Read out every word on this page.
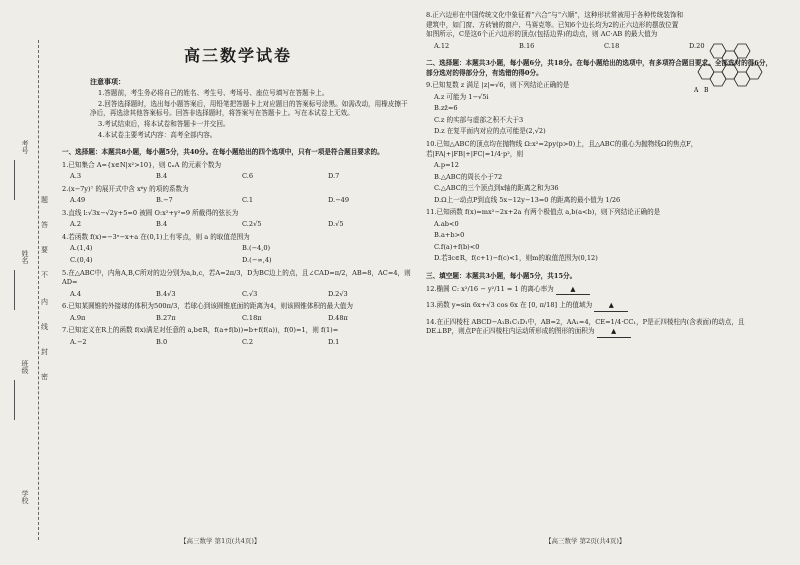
考号
姓名
班级
学校
题
答
要
不
内
线
封
密
高三数学试卷
注意事项：

1.答题前，考生务必将自己的姓名、考生号、考场号、座位号填写在答题卡上。

2.回答选择题时，选出每小题答案后，用铅笔把答题卡上对应题目的答案标号涂黑。如需改动，用橡皮擦干净后，再选涂其他答案标号。回答非选择题时，将答案写在答题卡上。写在本试卷上无效。

3.考试结束后，将本试卷和答题卡一并交回。

4.本试卷主要考试内容：高考全部内容。

一、选择题：本题共8小题，每小题5分，共40分。在每小题给出的四个选项中，只有一项是符合题目要求的。
1.已知集合 A={x∈N|x²>10}，则 ∁ₙA 的元素个数为
A.3	B.4	C.6	D.7
2.(x−7y)⁷ 的展开式中含 x⁶y 的项的系数为
A.49	B.−7	C.1	D.−49
3.直线 l:√3x−√2y+5=0 被圆 O:x²+y²=9 所截得的弦长为
A.2	B.4	C.2√5	D.√5
4.若函数 f(x)=−3ˣ−x+a 在(0,1)上有零点，则 a 的取值范围为
A.(1,4)	B.(−4,0)
C.(0,4)	D.(−∞,4)
5.在△ABC中，内角A,B,C所对的边分别为a,b,c，若A=2π/3，D为BC边上的点，且∠CAD=π/2，AB=8，AC=4，则AD=
A.4	B.4√3	C.√3	D.2√3
6.已知某圆锥的外接球的体积为500π/3，若球心到该圆锥底面的距离为4，则该圆锥体积的最大值为
A.9π	B.27π	C.18π	D.48π
7.已知定义在R上的函数 f(x)满足对任意的 a,b∈R，f(a+f(b))=b+f(f(a))，f(0)=1，则 f(1)=
A.−2	B.0	C.2	D.1
【高三数学 第1页(共4页)】
8.正六边形在中国传统文化中象征着“六合”与“六顺”，这种形状常被用于各种传统装饰和建筑中，如门窗、方砖铺的窗户、马赛克等。已知6个边长均为2的正六边形的摆放位置如图所示，C是这6个正六边形的顶点(包括边界)的动点，则 AC·AB 的最大值为
A.12	B.16	C.18	D.20
二、选择题：本题共3小题，每小题6分，共18分。在每小题给出的选项中，有多项符合题目要求。全部选对的得6分，部分选对的得部分分，有选错的得0分。
9.已知复数 z 满足 |z|=√6，则下列结论正确的是
A.z 可能为 1−√5i
B.zz̄=6
C.z 的实部与虚部之积不大于3
D.z 在复平面内对应的点可能是(2,√2)
10.已知△ABC的顶点均在抛物线 Ω:x²=2py(p>0)上，且△ABC的重心为抛物线Ω的焦点F，若|FA|+|FB|+|FC|=1/4·p²，则
A.p=12
B.△ABC的周长小于72
C.△ABC的三个顶点到x轴的距离之和为36
D.Ω上一动点P到直线 5x−12y−13=0 的距离的最小值为 1/26
11.已知函数 f(x)=mx²−2x+2a 有两个极值点 a,b(a<b)，则下列结论正确的是
A.ab<0
B.a+b>0
C.f(a)+f(b)<0
D.若∃c∈R，f(c+1)−f(c)<1，则m的取值范围为(0,12)
三、填空题：本题共3小题，每小题5分，共15分。
12.椭圆 C: x²/16 − y²/11 = 1 的离心率为	▲
13.函数 y=sin 6x+√3 cos 6x 在 [0, π/18] 上的值域为	▲
14.在正四棱柱 ABCD−A₁B₁C₁D₁中，AB=2，AA₁=4，CE=1/4·CC₁，P是正四棱柱内(含表面)的动点，且DE⊥BP，则点P在正四棱柱内运动所形成的图形的面积为	▲
A B
【高三数学 第2页(共4页)】
